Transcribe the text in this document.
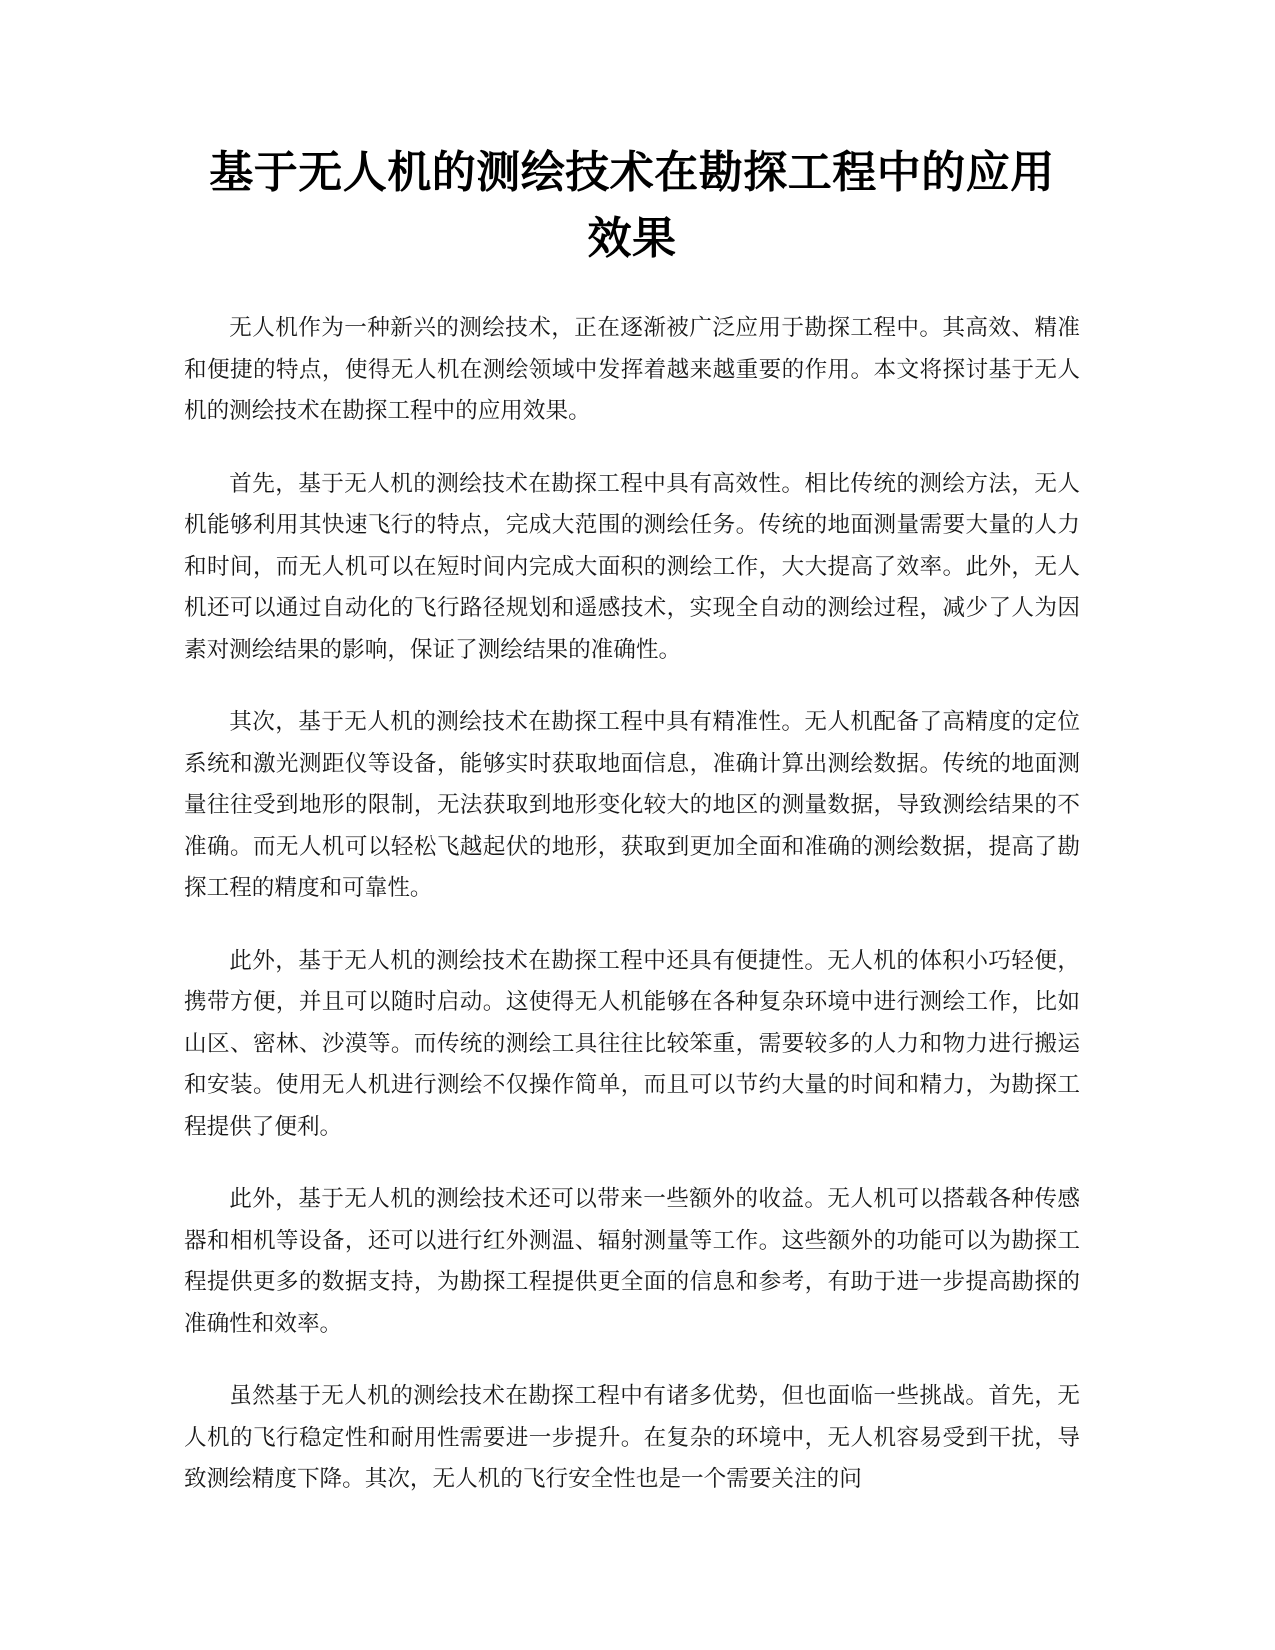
基于无人机的测绘技术在勘探工程中的应用
效果

无人机作为一种新兴的测绘技术，正在逐渐被广泛应用于勘探工程中。其高效、精准和便捷的特点，使得无人机在测绘领域中发挥着越来越重要的作用。本文将探讨基于无人机的测绘技术在勘探工程中的应用效果。

首先，基于无人机的测绘技术在勘探工程中具有高效性。相比传统的测绘方法，无人机能够利用其快速飞行的特点，完成大范围的测绘任务。传统的地面测量需要大量的人力和时间，而无人机可以在短时间内完成大面积的测绘工作，大大提高了效率。此外，无人机还可以通过自动化的飞行路径规划和遥感技术，实现全自动的测绘过程，减少了人为因素对测绘结果的影响，保证了测绘结果的准确性。

其次，基于无人机的测绘技术在勘探工程中具有精准性。无人机配备了高精度的定位系统和激光测距仪等设备，能够实时获取地面信息，准确计算出测绘数据。传统的地面测量往往受到地形的限制，无法获取到地形变化较大的地区的测量数据，导致测绘结果的不准确。而无人机可以轻松飞越起伏的地形，获取到更加全面和准确的测绘数据，提高了勘探工程的精度和可靠性。

此外，基于无人机的测绘技术在勘探工程中还具有便捷性。无人机的体积小巧轻便，携带方便，并且可以随时启动。这使得无人机能够在各种复杂环境中进行测绘工作，比如山区、密林、沙漠等。而传统的测绘工具往往比较笨重，需要较多的人力和物力进行搬运和安装。使用无人机进行测绘不仅操作简单，而且可以节约大量的时间和精力，为勘探工程提供了便利。

此外，基于无人机的测绘技术还可以带来一些额外的收益。无人机可以搭载各种传感器和相机等设备，还可以进行红外测温、辐射测量等工作。这些额外的功能可以为勘探工程提供更多的数据支持，为勘探工程提供更全面的信息和参考，有助于进一步提高勘探的准确性和效率。

虽然基于无人机的测绘技术在勘探工程中有诸多优势，但也面临一些挑战。首先，无人机的飞行稳定性和耐用性需要进一步提升。在复杂的环境中，无人机容易受到干扰，导致测绘精度下降。其次，无人机的飞行安全性也是一个需要关注的问
